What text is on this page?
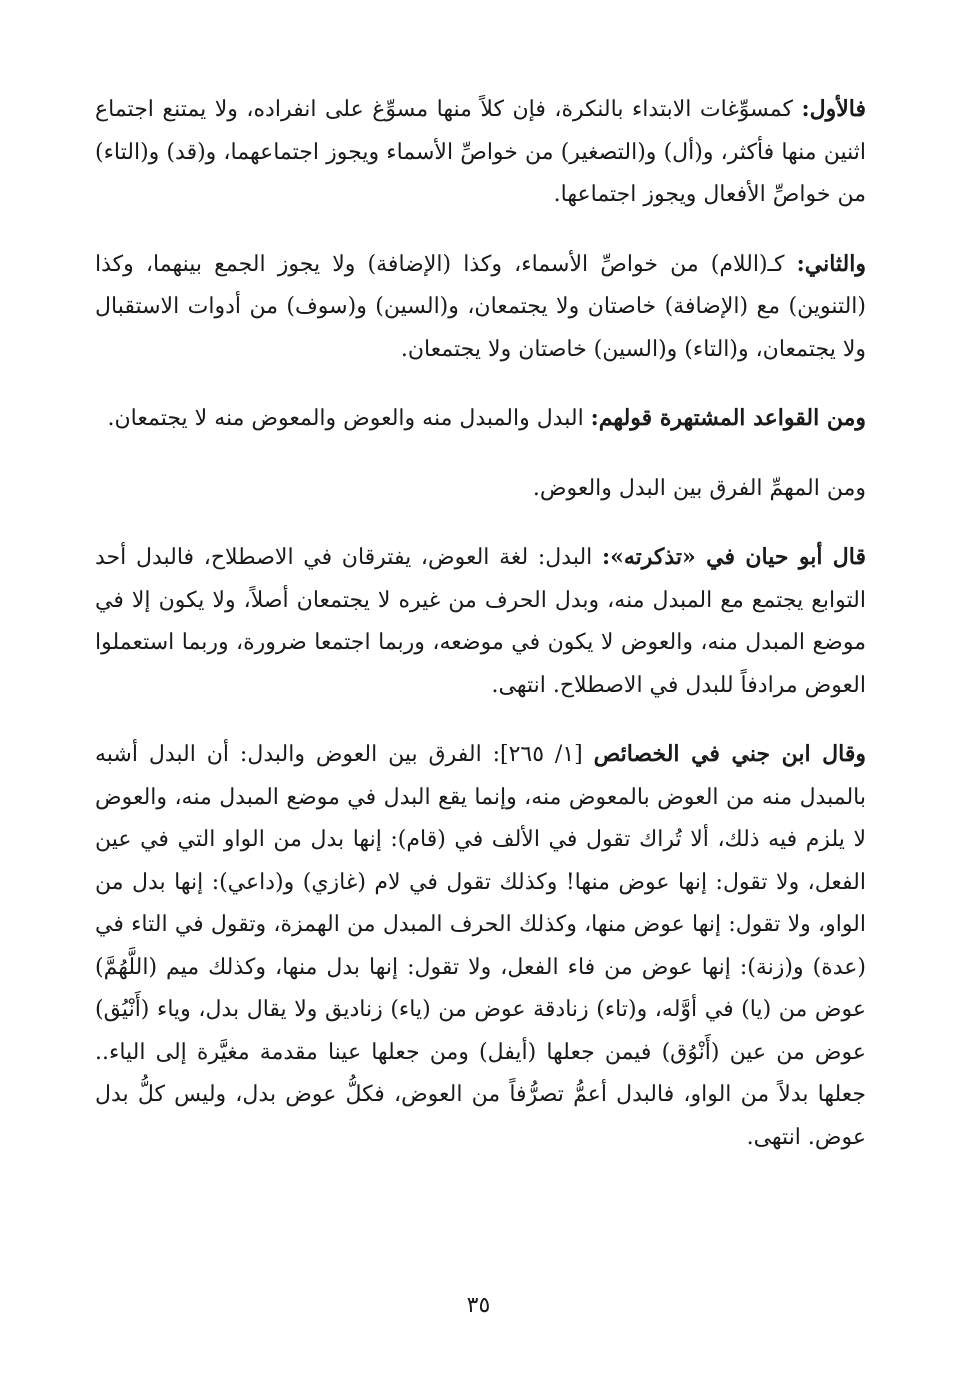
فالأول: كمسوِّغات الابتداء بالنكرة، فإن كلاً منها مسوِّغ على انفراده، ولا يمتنع اجتماع اثنين منها فأكثر، و(أل) و(التصغير) من خواصِّ الأسماء ويجوز اجتماعهما، و(قد) و(التاء) من خواصِّ الأفعال ويجوز اجتماعها.

والثاني: كـ(اللام) من خواصِّ الأسماء، وكذا (الإضافة) ولا يجوز الجمع بينهما، وكذا (التنوين) مع (الإضافة) خاصتان ولا يجتمعان، و(السين) و(سوف) من أدوات الاستقبال ولا يجتمعان، و(التاء) و(السين) خاصتان ولا يجتمعان.

ومن القواعد المشتهرة قولهم: البدل والمبدل منه والعوض والمعوض منه لا يجتمعان.

ومن المهمِّ الفرق بين البدل والعوض.

قال أبو حيان في «تذكرته»: البدل: لغة العوض، يفترقان في الاصطلاح، فالبدل أحد التوابع يجتمع مع المبدل منه، وبدل الحرف من غيره لا يجتمعان أصلاً، ولا يكون إلا في موضع المبدل منه، والعوض لا يكون في موضعه، وربما اجتمعا ضرورة، وربما استعملوا العوض مرادفاً للبدل في الاصطلاح. انتهى.

وقال ابن جني في الخصائص [١/ ٢٦٥]: الفرق بين العوض والبدل: أن البدل أشبه بالمبدل منه من العوض بالمعوض منه، وإنما يقع البدل في موضع المبدل منه، والعوض لا يلزم فيه ذلك، ألا تُراك تقول في الألف في (قام): إنها بدل من الواو التي في عين الفعل، ولا تقول: إنها عوض منها! وكذلك تقول في لام (غازي) و(داعي): إنها بدل من الواو، ولا تقول: إنها عوض منها، وكذلك الحرف المبدل من الهمزة، وتقول في التاء في (عدة) و(زنة): إنها عوض من فاء الفعل، ولا تقول: إنها بدل منها، وكذلك ميم (اللَّهُمَّ) عوض من (يا) في أوَّله، و(تاء) زنادقة عوض من (ياء) زناديق ولا يقال بدل، وياء (أَنْيُق) عوض من عين (أَنْوُق) فيمن جعلها (أيفل) ومن جعلها عينا مقدمة مغيَّرة إلى الياء.. جعلها بدلاً من الواو، فالبدل أعمُّ تصرُّفاً من العوض، فكلُّ عوض بدل، وليس كلُّ بدل عوض. انتهى.

٣٥
